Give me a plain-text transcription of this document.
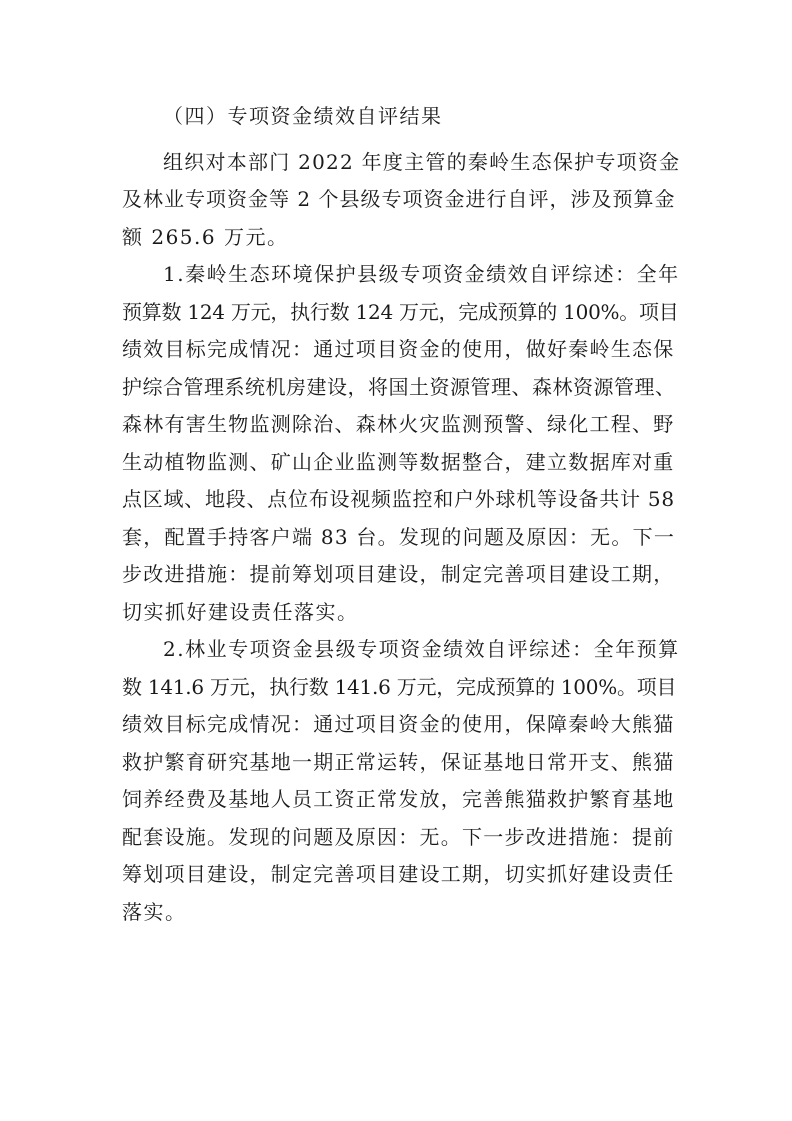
（四）专项资金绩效自评结果
组织对本部门 2022 年度主管的秦岭生态保护专项资金
及林业专项资金等 2 个县级专项资金进行自评，涉及预算金
额 265.6 万元。
1.秦岭生态环境保护县级专项资金绩效自评综述：全年
预算数 124 万元，执行数 124 万元，完成预算的 100%。项目
绩效目标完成情况：通过项目资金的使用，做好秦岭生态保
护综合管理系统机房建设，将国土资源管理、森林资源管理、
森林有害生物监测除治、森林火灾监测预警、绿化工程、野
生动植物监测、矿山企业监测等数据整合，建立数据库对重
点区域、地段、点位布设视频监控和户外球机等设备共计 58
套，配置手持客户端 83 台。发现的问题及原因：无。下一
步改进措施：提前筹划项目建设，制定完善项目建设工期，
切实抓好建设责任落实。
2.林业专项资金县级专项资金绩效自评综述：全年预算
数 141.6 万元，执行数 141.6 万元，完成预算的 100%。项目
绩效目标完成情况：通过项目资金的使用，保障秦岭大熊猫
救护繁育研究基地一期正常运转，保证基地日常开支、熊猫
饲养经费及基地人员工资正常发放，完善熊猫救护繁育基地
配套设施。发现的问题及原因：无。下一步改进措施：提前
筹划项目建设，制定完善项目建设工期，切实抓好建设责任
落实。
